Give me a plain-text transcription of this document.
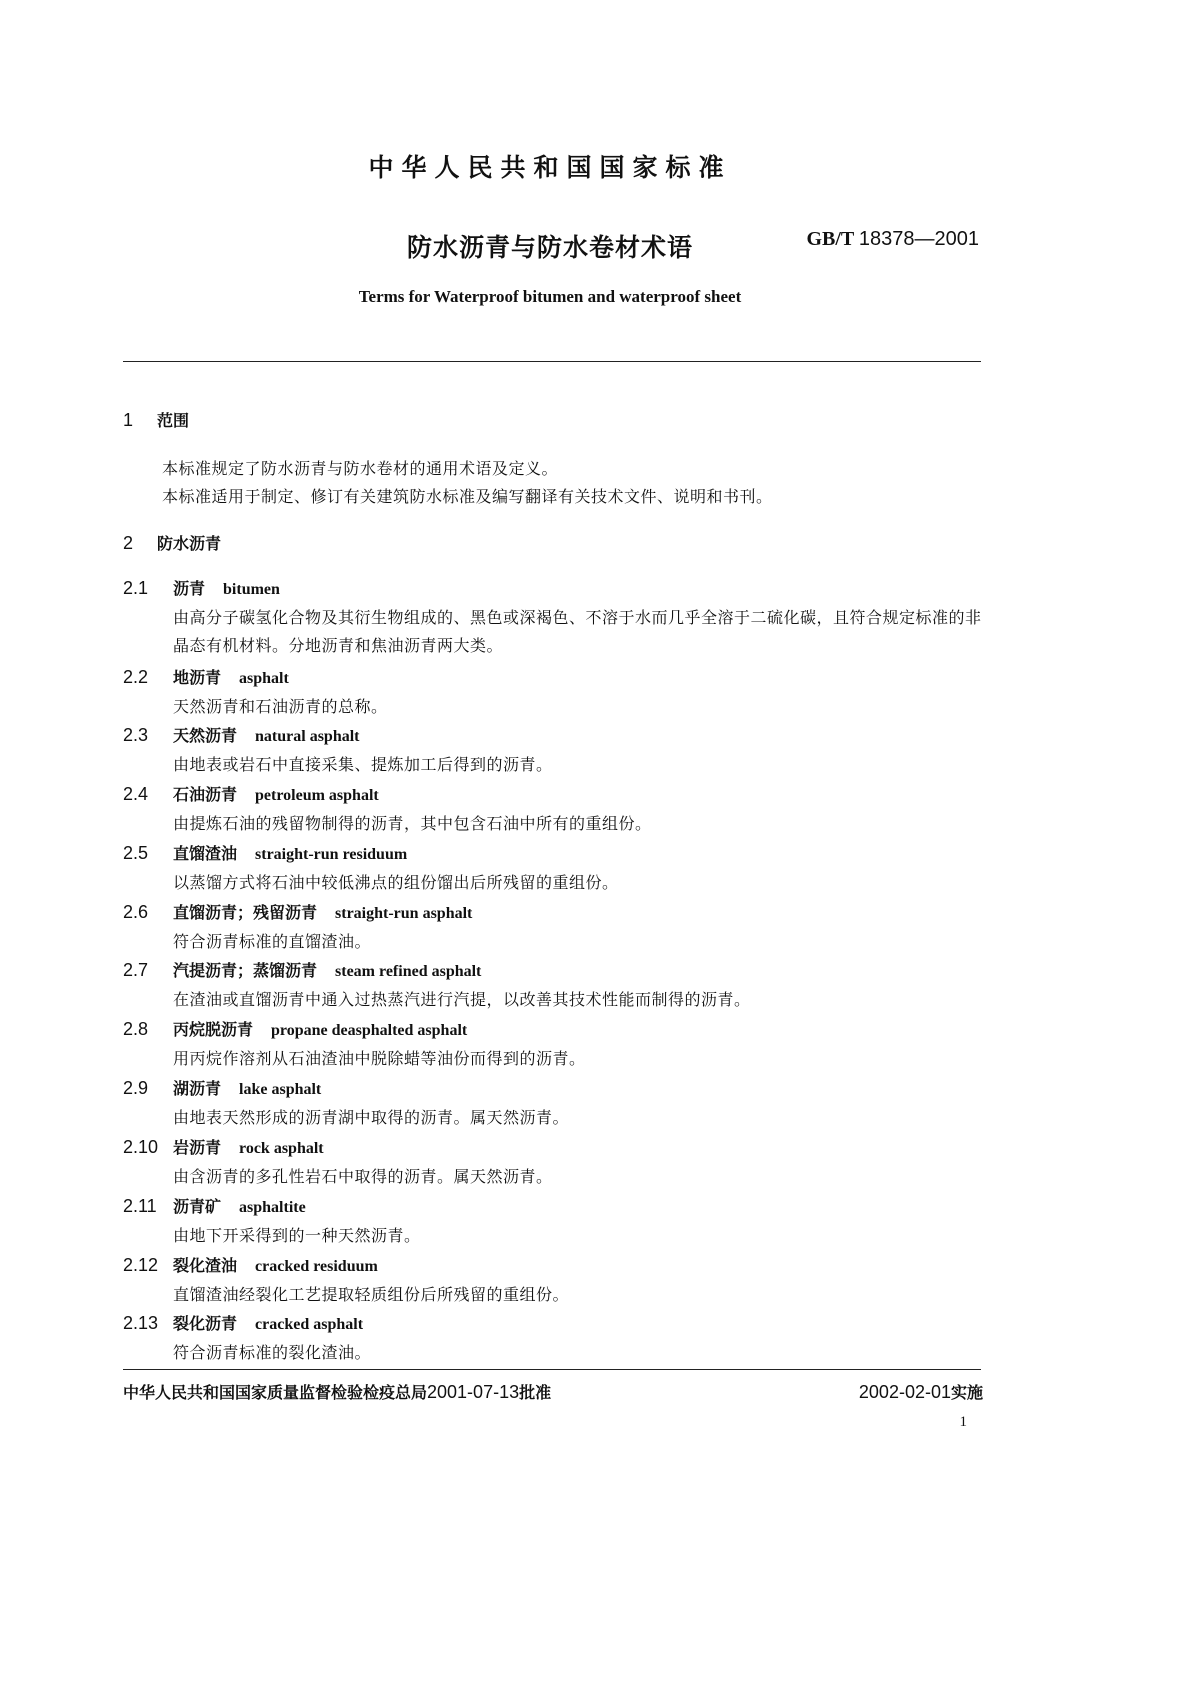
中华人民共和国国家标准
防水沥青与防水卷材术语	GB/T 18378—2001
Terms for Waterproof bitumen and waterproof sheet
1 范围
本标准规定了防水沥青与防水卷材的通用术语及定义。
本标准适用于制定、修订有关建筑防水标准及编写翻译有关技术文件、说明和书刊。
2 防水沥青
2.1 沥青 bitumen
由高分子碳氢化合物及其衍生物组成的、黑色或深褐色、不溶于水而几乎全溶于二硫化碳，且符合规定标准的非晶态有机材料。分地沥青和焦油沥青两大类。
2.2 地沥青 asphalt
天然沥青和石油沥青的总称。
2.3 天然沥青 natural asphalt
由地表或岩石中直接采集、提炼加工后得到的沥青。
2.4 石油沥青 petroleum asphalt
由提炼石油的残留物制得的沥青，其中包含石油中所有的重组份。
2.5 直馏渣油 straight-run residuum
以蒸馏方式将石油中较低沸点的组份馏出后所残留的重组份。
2.6 直馏沥青；残留沥青 straight-run asphalt
符合沥青标准的直馏渣油。
2.7 汽提沥青；蒸馏沥青 steam refined asphalt
在渣油或直馏沥青中通入过热蒸汽进行汽提，以改善其技术性能而制得的沥青。
2.8 丙烷脱沥青 propane deasphalted asphalt
用丙烷作溶剂从石油渣油中脱除蜡等油份而得到的沥青。
2.9 湖沥青 lake asphalt
由地表天然形成的沥青湖中取得的沥青。属天然沥青。
2.10 岩沥青 rock asphalt
由含沥青的多孔性岩石中取得的沥青。属天然沥青。
2.11 沥青矿 asphaltite
由地下开采得到的一种天然沥青。
2.12 裂化渣油 cracked residuum
直馏渣油经裂化工艺提取轻质组份后所残留的重组份。
2.13 裂化沥青 cracked asphalt
符合沥青标准的裂化渣油。
中华人民共和国国家质量监督检验检疫总局2001-07-13批准	2002-02-01实施
1
